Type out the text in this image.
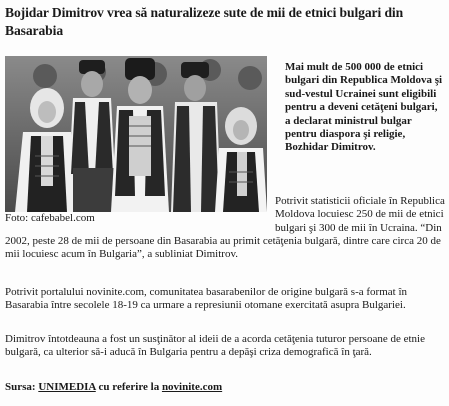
Bojidar Dimitrov vrea să naturalizeze sute de mii de etnici bulgari din Basarabia
Foto: cafebabel.com
Mai mult de 500 000 de etnici bulgari din Republica Moldova şi sud-vestul Ucrainei sunt eligibili pentru a deveni cetăţeni bulgari, a declarat ministrul bulgar pentru diaspora şi religie, Bozhidar Dimitrov.
Potrivit statisticii oficiale în Republica Moldova locuiesc 250 de mii de etnici bulgari şi 300 de mii în Ucraina. “Din 2002, peste 28 de mii de persoane din Basarabia au primit cetăţenia bulgară, dintre care circa 20 de mii locuiesc acum în Bulgaria”, a subliniat Dimitrov.
Potrivit portalului novinite.com, comunitatea basarabenilor de origine bulgară s-a format în Basarabia între secolele 18-19 ca urmare a represiunii otomane exercitată asupra Bulgariei.
Dimitrov întotdeauna a fost un susţinător al ideii de a acorda cetăţenia tuturor persoane de etnie bulgară, ca ulterior să-i aducă în Bulgaria pentru a depăşi criza demografică în ţară.
Sursa: UNIMEDIA cu referire la novinite.com
